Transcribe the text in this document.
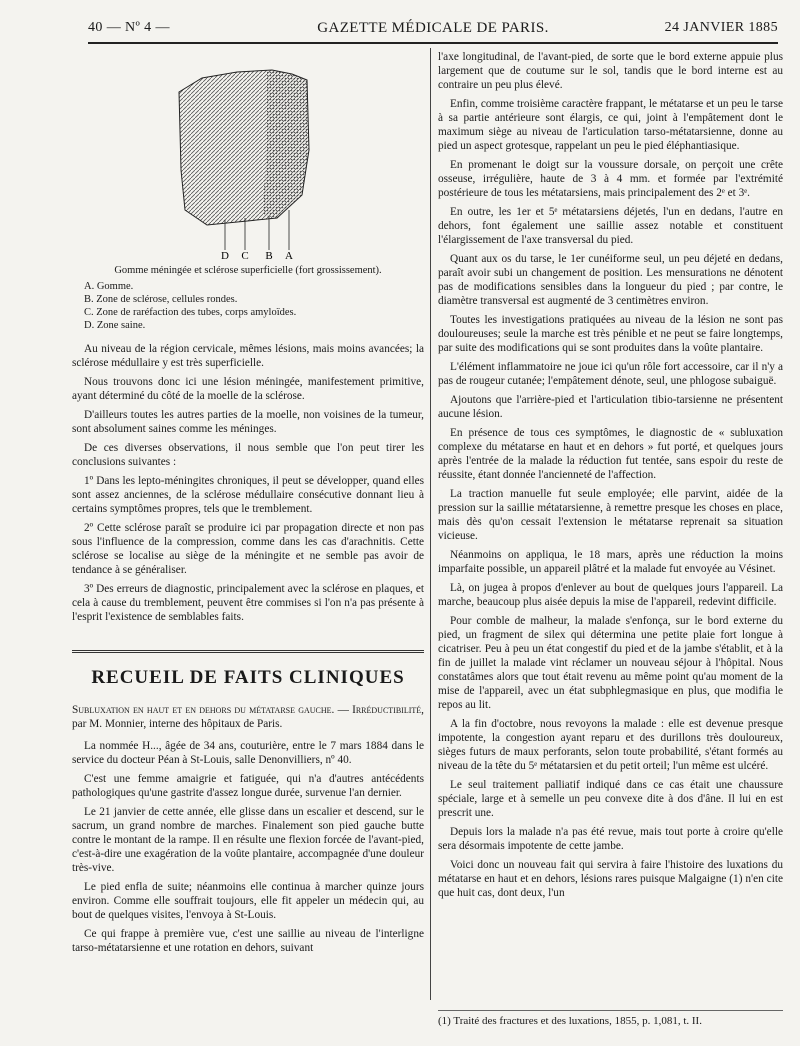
40 — Nº 4 —	GAZETTE MÉDICALE DE PARIS.	24 JANVIER 1885
D C B A
Gomme méningée et sclérose superficielle (fort grossissement).
A. Gomme.
B. Zone de sclérose, cellules rondes.
C. Zone de raréfaction des tubes, corps amyloïdes.
D. Zone saine.

Au niveau de la région cervicale, mêmes lésions, mais moins avancées; la sclérose médullaire y est très superficielle.

Nous trouvons donc ici une lésion méningée, manifestement primitive, ayant déterminé du côté de la moelle de la sclérose.

D'ailleurs toutes les autres parties de la moelle, non voisines de la tumeur, sont absolument saines comme les méninges.

De ces diverses observations, il nous semble que l'on peut tirer les conclusions suivantes :

1º Dans les lepto-méningites chroniques, il peut se développer, quand elles sont assez anciennes, de la sclérose médullaire consécutive donnant lieu à certains symptômes propres, tels que le tremblement.

2º Cette sclérose paraît se produire ici par propagation directe et non pas sous l'influence de la compression, comme dans les cas d'arachnitis. Cette sclérose se localise au siège de la méningite et ne semble pas avoir de tendance à se généraliser.

3º Des erreurs de diagnostic, principalement avec la sclérose en plaques, et cela à cause du tremblement, peuvent être commises si l'on n'a pas présente à l'esprit l'existence de semblables faits.

RECUEIL DE FAITS CLINIQUES
Subluxation en haut et en dehors du métatarse gauche. — Irréductibilité, par M. Monnier, interne des hôpitaux de Paris.

La nommée H..., âgée de 34 ans, couturière, entre le 7 mars 1884 dans le service du docteur Péan à St-Louis, salle Denonvilliers, nº 40.

C'est une femme amaigrie et fatiguée, qui n'a d'autres antécédents pathologiques qu'une gastrite d'assez longue durée, survenue l'an dernier.

Le 21 janvier de cette année, elle glisse dans un escalier et descend, sur le sacrum, un grand nombre de marches. Finalement son pied gauche butte contre le montant de la rampe. Il en résulte une flexion forcée de l'avant-pied, c'est-à-dire une exagération de la voûte plantaire, accompagnée d'une douleur très-vive.

Le pied enfla de suite; néanmoins elle continua à marcher quinze jours environ. Comme elle souffrait toujours, elle fit appeler un médecin qui, au bout de quelques visites, l'envoya à St-Louis.

Ce qui frappe à première vue, c'est une saillie au niveau de l'interligne tarso-métatarsienne et une rotation en dehors, suivant

l'axe longitudinal, de l'avant-pied, de sorte que le bord externe appuie plus largement que de coutume sur le sol, tandis que le bord interne est au contraire un peu plus élevé.

Enfin, comme troisième caractère frappant, le métatarse et un peu le tarse à sa partie antérieure sont élargis, ce qui, joint à l'empâtement dont le maximum siège au niveau de l'articulation tarso-métatarsienne, donne au pied un aspect grotesque, rappelant un peu le pied éléphantiasique.

En promenant le doigt sur la voussure dorsale, on perçoit une crête osseuse, irrégulière, haute de 3 à 4 mm. et formée par l'extrémité postérieure de tous les métatarsiens, mais principalement des 2ᵉ et 3ᵉ.

En outre, les 1er et 5ᵉ métatarsiens déjetés, l'un en dedans, l'autre en dehors, font également une saillie assez notable et constituent l'élargissement de l'axe transversal du pied.

Quant aux os du tarse, le 1er cunéiforme seul, un peu déjeté en dedans, paraît avoir subi un changement de position. Les mensurations ne dénotent pas de modifications sensibles dans la longueur du pied ; par contre, le diamètre transversal est augmenté de 3 centimètres environ.

Toutes les investigations pratiquées au niveau de la lésion ne sont pas douloureuses; seule la marche est très pénible et ne peut se faire longtemps, par suite des modifications qui se sont produites dans la voûte plantaire.

L'élément inflammatoire ne joue ici qu'un rôle fort accessoire, car il n'y a pas de rougeur cutanée; l'empâtement dénote, seul, une phlogose subaiguë.

Ajoutons que l'arrière-pied et l'articulation tibio-tarsienne ne présentent aucune lésion.

En présence de tous ces symptômes, le diagnostic de « subluxation complexe du métatarse en haut et en dehors » fut porté, et quelques jours après l'entrée de la malade la réduction fut tentée, sans espoir du reste de réussite, étant donnée l'ancienneté de l'affection.

La traction manuelle fut seule employée; elle parvint, aidée de la pression sur la saillie métatarsienne, à remettre presque les choses en place, mais dès qu'on cessait l'extension le métatarse reprenait sa situation vicieuse.

Néanmoins on appliqua, le 18 mars, après une réduction la moins imparfaite possible, un appareil plâtré et la malade fut envoyée au Vésinet.

Là, on jugea à propos d'enlever au bout de quelques jours l'appareil. La marche, beaucoup plus aisée depuis la mise de l'appareil, redevint difficile.

Pour comble de malheur, la malade s'enfonça, sur le bord externe du pied, un fragment de silex qui détermina une petite plaie fort longue à cicatriser. Peu à peu un état congestif du pied et de la jambe s'établit, et à la fin de juillet la malade vint réclamer un nouveau séjour à l'hôpital. Nous constatâmes alors que tout était revenu au même point qu'au moment de la mise de l'appareil, avec un état subphlegmasique en plus, que modifia le repos au lit.

A la fin d'octobre, nous revoyons la malade : elle est devenue presque impotente, la congestion ayant reparu et des durillons très douloureux, sièges futurs de maux perforants, selon toute probabilité, s'étant formés au niveau de la tête du 5ᵉ métatarsien et du petit orteil; l'un même est ulcéré.

Le seul traitement palliatif indiqué dans ce cas était une chaussure spéciale, large et à semelle un peu convexe dite à dos d'âne. Il lui en est prescrit une.

Depuis lors la malade n'a pas été revue, mais tout porte à croire qu'elle sera désormais impotente de cette jambe.

Voici donc un nouveau fait qui servira à faire l'histoire des luxations du métatarse en haut et en dehors, lésions rares puisque Malgaigne (1) n'en cite que huit cas, dont deux, l'un

(1) Traité des fractures et des luxations, 1855, p. 1,081, t. II.
